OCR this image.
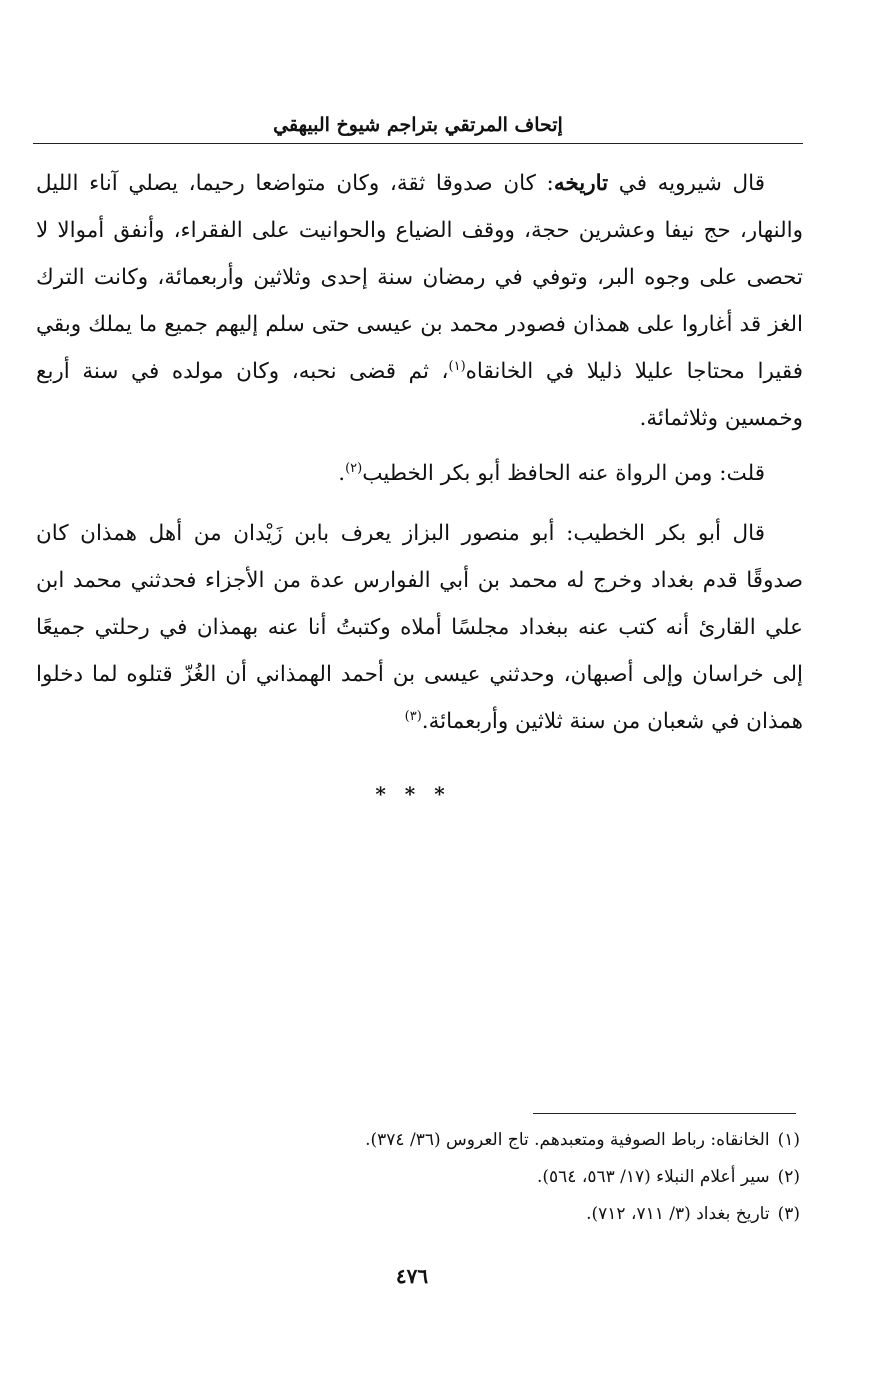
إتحاف المرتقي بتراجم شيوخ البيهقي

قال شيرويه في تاريخه: كان صدوقا ثقة، وكان متواضعا رحيما، يصلي آناء الليل والنهار، حج نيفا وعشرين حجة، ووقف الضياع والحوانيت على الفقراء، وأنفق أموالا لا تحصى على وجوه البر، وتوفي في رمضان سنة إحدى وثلاثين وأربعمائة، وكانت الترك الغز قد أغاروا على همذان فصودر محمد بن عيسى حتى سلم إليهم جميع ما يملك وبقي فقيرا محتاجا عليلا ذليلا في الخانقاه$^{(١)}$، ثم قضى نحبه، وكان مولده في سنة أربع وخمسين وثلاثمائة.

قلت: ومن الرواة عنه الحافظ أبو بكر الخطيب$^{(٢)}$.

قال أبو بكر الخطيب: أبو منصور البزاز يعرف بابن زَيْدان من أهل همذان كان صدوقًا قدم بغداد وخرج له محمد بن أبي الفوارس عدة من الأجزاء فحدثني محمد ابن علي القارئ أنه كتب عنه ببغداد مجلسًا أملاه وكتبتُ أنا عنه بهمذان في رحلتي جميعًا إلى خراسان وإلى أصبهان، وحدثني عيسى بن أحمد الهمذاني أن الغُزّ قتلوه لما دخلوا همذان في شعبان من سنة ثلاثين وأربعمائة.$^{(٣)}$

* * *

(١)الخانقاه: رباط الصوفية ومتعبدهم. تاج العروس (٣٦/ ٣٧٤).

(٢)سير أعلام النبلاء (١٧/ ٥٦٣، ٥٦٤).

(٣)تاريخ بغداد (٣/ ٧١١، ٧١٢).

٤٧٦
